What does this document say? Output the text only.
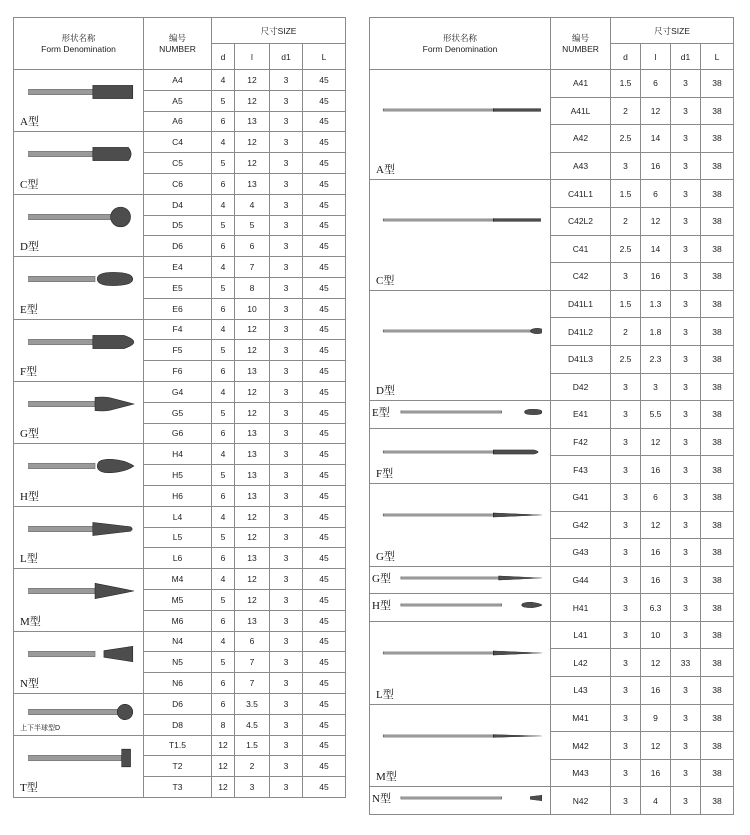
形状名称
Form Denomination	编号
NUMBER	尺寸SIZE			
		d	l	d1	L

A型	A4	4	12	3	45
	A5	5	12	3	45
	A6	6	13	3	45

C型	C4	4	12	3	45
	C5	5	12	3	45
	C6	6	13	3	45

D型	D4	4	4	3	45
	D5	5	5	3	45
	D6	6	6	3	45

E型	E4	4	7	3	45
	E5	5	8	3	45
	E6	6	10	3	45

F型	F4	4	12	3	45
	F5	5	12	3	45
	F6	6	13	3	45

G型	G4	4	12	3	45
	G5	5	12	3	45
	G6	6	13	3	45

H型	H4	4	13	3	45
	H5	5	13	3	45
	H6	6	13	3	45

L型	L4	4	12	3	45
	L5	5	12	3	45
	L6	6	13	3	45

M型	M4	4	12	3	45
	M5	5	12	3	45
	M6	6	13	3	45

N型	N4	4	6	3	45
	N5	5	7	3	45
	N6	6	7	3	45

上下半球型D	D6	6	3.5	3	45
	D8	8	4.5	3	45

T型	T1.5	12	1.5	3	45
	T2	12	2	3	45
	T3	12	3	3	45
形状名称
Form Denomination	编号
NUMBER	尺寸SIZE			
		d	l	d1	L

A型	A41	1.5	6	3	38
	A41L	2	12	3	38
	A42	2.5	14	3	38
	A43	3	16	3	38

C型	C41L1	1.5	6	3	38
	C42L2	2	12	3	38
	C41	2.5	14	3	38
	C42	3	16	3	38

D型	D41L1	1.5	1.3	3	38
	D41L2	2	1.8	3	38
	D41L3	2.5	2.3	3	38
	D42	3	3	3	38

E型	E41	3	5.5	3	38

F型	F42	3	12	3	38
	F43	3	16	3	38

G型	G41	3	6	3	38
	G42	3	12	3	38
	G43	3	16	3	38

G型	G44	3	16	3	38

H型	H41	3	6.3	3	38

L型	L41	3	10	3	38
	L42	3	12	33	38
	L43	3	16	3	38

M型	M41	3	9	3	38
	M42	3	12	3	38
	M43	3	16	3	38

N型	N42	3	4	3	38
